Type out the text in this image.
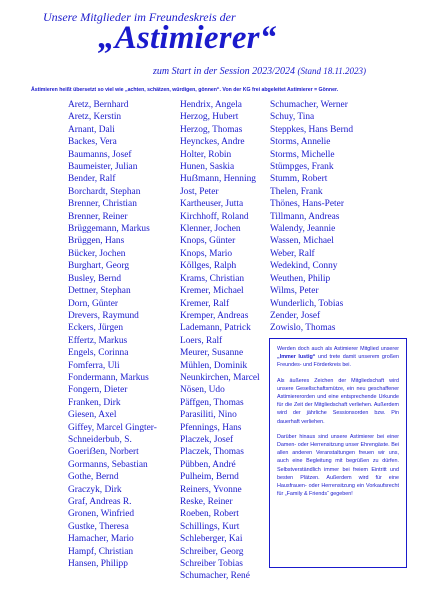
Unsere Mitglieder im Freundeskreis der
„Astimierer“
zum Start in der Session 2023/2024 (Stand 18.11.2023)
Ästimieren heißt übersetzt so viel wie „achten, schätzen, würdigen, gönnen“. Von der KG frei abgeleitet Astimierer = Gönner.
Aretz, Bernhard
Aretz, Kerstin
Arnant, Dali
Backes, Vera
Baumanns, Josef
Baumeister, Julian
Bender, Ralf
Borchardt, Stephan
Brenner, Christian
Brenner, Reiner
Brüggemann, Markus
Brüggen, Hans
Bücker, Jochen
Burghart, Georg
Busley, Bernd
Dettner, Stephan
Dorn, Günter
Drevers, Raymund
Eckers, Jürgen
Effertz, Markus
Engels, Corinna
Fomferra, Uli
Fondermann, Markus
Fongern, Dieter
Franken, Dirk
Giesen, Axel
Giffey, Marcel Gingter-
Schneiderbub, S.
Goeriẞen, Norbert
Gormanns, Sebastian
Gothe, Bernd
Graczyk, Dirk
Graf, Andreas R.
Gronen, Winfried
Gustke, Theresa
Hamacher, Mario
Hampf, Christian
Hansen, Philipp
Hendrix, Angela
Herzog, Hubert
Herzog, Thomas
Heynckes, Andre
Holter, Robin
Hunen, Saskia
Huẞmann, Henning
Jost, Peter
Kartheuser, Jutta
Kirchhoff, Roland
Klenner, Jochen
Knops, Günter
Knops, Mario
Köllges, Ralph
Krams, Christian
Kremer, Michael
Kremer, Ralf
Kremper, Andreas
Lademann, Patrick
Loers, Ralf
Meurer, Susanne
Mühlen, Dominik
Neunkirchen, Marcel
Nösen, Udo
Päffgen, Thomas
Parasiliti, Nino
Pfennings, Hans
Placzek, Josef
Placzek, Thomas
Pübben, André
Pulheim, Bernd
Reiners, Yvonne
Reske, Reiner
Roeben, Robert
Schillings, Kurt
Schleberger, Kai
Schreiber, Georg
Schreiber Tobias
Schumacher, René
Schumacher, Werner
Schuy, Tina
Steppkes, Hans Bernd
Storms, Annelie
Storms, Michelle
Stümpges, Frank
Stumm, Robert
Thelen, Frank
Thönes, Hans-Peter
Tillmann, Andreas
Walendy, Jeannie
Wassen, Michael
Weber, Ralf
Wedekind, Conny
Weuthen, Philip
Wilms, Peter
Wunderlich, Tobias
Zender, Josef
Zowislo, Thomas

Werden doch auch als Astimierer Mitglied unserer „Immer lustig“ und trete damit unserem großen Freundes- und Förderkreis bei.

Als äußeres Zeichen der Mitgliedschaft wird unsere Gesellschaftsmütze, ein neu geschaffener Astimiererorden und eine entsprechende Urkunde für die Zeit der Mitgliedschaft verliehen. Außerdem wird der jährliche Sessionsorden bzw. Pin dauerhaft verliehen.

Darüber hinaus sind unsere Astimierer bei einer Damen- oder Herrensitzung unser Ehrengäste. Bei allen anderen Veranstaltungen freuen wir uns, auch eine Begleitung mit begrüßen zu dürfen. Selbstverständlich immer bei freiem Eintritt und besten Plätzen. Außerdem wird für eine Hausfrauen- oder Herrensitzung ein Vorkaufsrecht für „Family & Friends“ gegeben!
